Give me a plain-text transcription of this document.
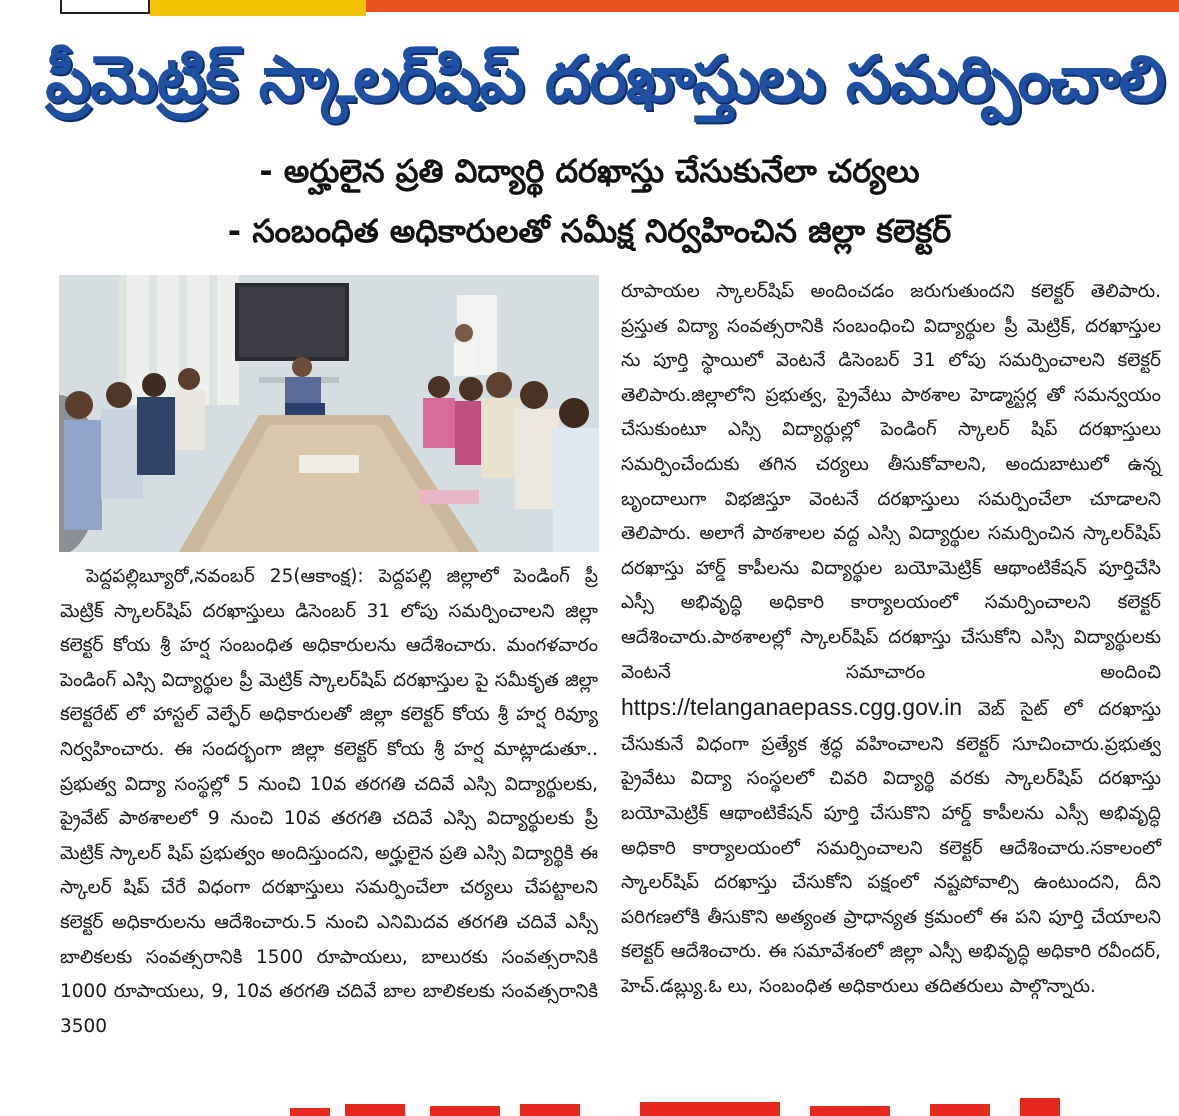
ప్రీమెట్రిక్ స్కాలర్‌షిప్ దరఖాస్తులు సమర్పించాలి
- అర్హులైన ప్రతి విద్యార్థి దరఖాస్తు చేసుకునేలా చర్యలు
- సంబంధిత అధికారులతో సమీక్ష నిర్వహించిన జిల్లా కలెక్టర్

పెద్దపల్లిబ్యూరో,నవంబర్ 25(ఆకాంక్ష): పెద్దపల్లి జిల్లాలో పెండింగ్ ప్రీ మెట్రిక్ స్కాలర్‌షిప్ దరఖాస్తులు డిసెంబర్ 31 లోపు సమర్పించాలని జిల్లా కలెక్టర్ కోయ శ్రీ హర్ష సంబంధిత అధికారులను ఆదేశించారు. మంగళవారం పెండింగ్ ఎస్సి విద్యార్థుల ప్రీ మెట్రిక్ స్కాలర్‌షిప్ దరఖాస్తుల పై సమీకృత జిల్లా కలెక్టరేట్ లో హాస్టల్ వెల్ఫేర్ అధికారులతో జిల్లా కలెక్టర్ కోయ శ్రీ హర్ష రివ్యూ నిర్వహించారు. ఈ సందర్భంగా జిల్లా కలెక్టర్ కోయ శ్రీ హర్ష మాట్లాడుతూ.. ప్రభుత్వ విద్యా సంస్థల్లో 5 నుంచి 10వ తరగతి చదివే ఎస్సి విద్యార్థులకు, ప్రైవేట్ పాఠశాలలో 9 నుంచి 10వ తరగతి చదివే ఎస్సి విద్యార్థులకు ప్రీ మెట్రిక్ స్కాలర్ షిప్ ప్రభుత్వం అందిస్తుందని, అర్హులైన ప్రతి ఎస్సి విద్యార్థికి ఈ స్కాలర్ షిప్ చేరే విధంగా దరఖాస్తులు సమర్పించేలా చర్యలు చేపట్టాలని కలెక్టర్ అధికారులను ఆదేశించారు.5 నుంచి ఎనిమిదవ తరగతి చదివే ఎస్సీ బాలికలకు సంవత్సరానికి 1500 రూపాయలు, బాలురకు సంవత్సరానికి 1000 రూపాయలు, 9, 10వ తరగతి చదివే బాల బాలికలకు సంవత్సరానికి 3500

రూపాయల స్కాలర్‌షిప్ అందించడం జరుగుతుందని కలెక్టర్ తెలిపారు. ప్రస్తుత విద్యా సంవత్సరానికి సంబంధించి విద్యార్థుల ప్రీ మెట్రిక్, దరఖాస్తుల ను పూర్తి స్థాయిలో వెంటనే డిసెంబర్ 31 లోపు సమర్పించాలని కలెక్టర్ తెలిపారు.జిల్లాలోని ప్రభుత్వ, ప్రైవేటు పాఠశాల హెడ్మాస్టర్ల తో సమన్వయం చేసుకుంటూ ఎస్సి విద్యార్థుల్లో పెండింగ్ స్కాలర్ షిప్ దరఖాస్తులు సమర్పించేందుకు తగిన చర్యలు తీసుకోవాలని, అందుబాటులో ఉన్న బృందాలుగా విభజిస్తూ వెంటనే దరఖాస్తులు సమర్పించేలా చూడాలని తెలిపారు. అలాగే పాఠశాలల వద్ద ఎస్సి విద్యార్థుల సమర్పించిన స్కాలర్‌షిప్ దరఖాస్తు హార్డ్ కాపీలను విద్యార్థుల బయోమెట్రిక్ ఆథాంటికేషన్ పూర్తిచేసి ఎస్సీ అభివృద్ధి అధికారి కార్యాలయంలో సమర్పించాలని కలెక్టర్ ఆదేశించారు.పాఠశాలల్లో స్కాలర్‌షిప్ దరఖాస్తు చేసుకోని ఎస్సి విద్యార్థులకు వెంటనే సమాచారం అందించి https://telanganaepass.cgg.gov.in వెబ్ సైట్ లో దరఖాస్తు చేసుకునే విధంగా ప్రత్యేక శ్రద్ధ వహించాలని కలెక్టర్ సూచించారు.ప్రభుత్వ ప్రైవేటు విద్యా సంస్థలలో చివరి విద్యార్థి వరకు స్కాలర్‌షిప్ దరఖాస్తు బయోమెట్రిక్ ఆథాంటికేషన్ పూర్తి చేసుకొని హార్డ్ కాపీలను ఎస్సీ అభివృద్ధి అధికారి కార్యాలయంలో సమర్పించాలని కలెక్టర్ ఆదేశించారు.సకాలంలో స్కాలర్‌షిప్ దరఖాస్తు చేసుకోని పక్షంలో నష్టపోవాల్సి ఉంటుందని, దీని పరిగణలోకి తీసుకొని అత్యంత ప్రాధాన్యత క్రమంలో ఈ పని పూర్తి చేయాలని కలెక్టర్ ఆదేశించారు. ఈ సమావేశంలో జిల్లా ఎస్సీ అభివృద్ధి అధికారి రవీందర్, హెచ్.డబ్ల్యు.ఓ లు, సంబంధిత అధికారులు తదితరులు పాల్గొన్నారు.
